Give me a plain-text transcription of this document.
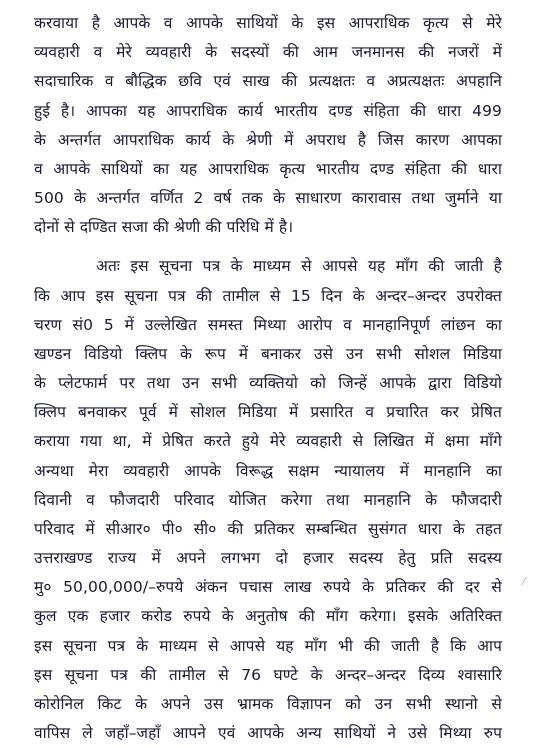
करवाया है आपके व आपके साथियों के इस आपराधिक कृत्य से मेरे
व्यवहारी व मेरे व्यवहारी के सदस्यों की आम जनमानस की नजरों में
सदाचारिक व बौद्धिक छवि एवं साख की प्रत्यक्षतः व अप्रत्यक्षतः अपहानि
हुई है। आपका यह आपराधिक कार्य भारतीय दण्ड संहिता की धारा 499
के अन्तर्गत आपराधिक कार्य के श्रेणी में अपराध है जिस कारण आपका
व आपके साथियों का यह आपराधिक कृत्य भारतीय दण्ड संहिता की धारा
500 के अन्तर्गत वर्णित 2 वर्ष तक के साधारण कारावास तथा जुर्माने या
दोनों से दण्डित सजा की श्रेणी की परिधि में है।
अतः इस सूचना पत्र के माध्यम से आपसे यह माँग की जाती है
कि आप इस सूचना पत्र की तामील से 15 दिन के अन्दर–अन्दर उपरोक्त
चरण सं0 5 में उल्लेखित समस्त मिथ्या आरोप व मानहानिपूर्ण लांछन का
खण्डन विडियो क्लिप के रूप में बनाकर उसे उन सभी सोशल मिडिया
के प्लेटफार्म पर तथा उन सभी व्यक्तियो को जिन्हें आपके द्वारा विडियो
क्लिप बनवाकर पूर्व में सोशल मिडिया में प्रसारित व प्रचारित कर प्रेषित
कराया गया था, में प्रेषित करते हुये मेरे व्यवहारी से लिखित में क्षमा माँगे
अन्यथा मेरा व्यवहारी आपके विरूद्ध सक्षम न्यायालय में मानहानि का
दिवानी व फौजदारी परिवाद योजित करेगा तथा मानहानि के फौजदारी
परिवाद में सीआर० पी० सी० की प्रतिकर सम्बन्धित सुसंगत धारा के तहत
उत्तराखण्ड राज्य में अपने लगभग दो हजार सदस्य हेतु प्रति सदस्य
मु० 50,00,000/–रुपये अंकन पचास लाख रुपये के प्रतिकर की दर से
कुल एक हजार करोड रुपये के अनुतोष की माँग करेगा। इसके अतिरिक्त
इस सूचना पत्र के माध्यम से आपसे यह माँग भी की जाती है कि आप
इस सूचना पत्र की तामील से 76 घण्टे के अन्दर–अन्दर दिव्य श्वासारि
कोरोनिल किट के अपने उस भ्रामक विज्ञापन को उन सभी स्थानो से
वापिस ले जहाँ–जहाँ आपने एवं आपके अन्य साथियों ने उसे मिथ्या रुप
⁄
